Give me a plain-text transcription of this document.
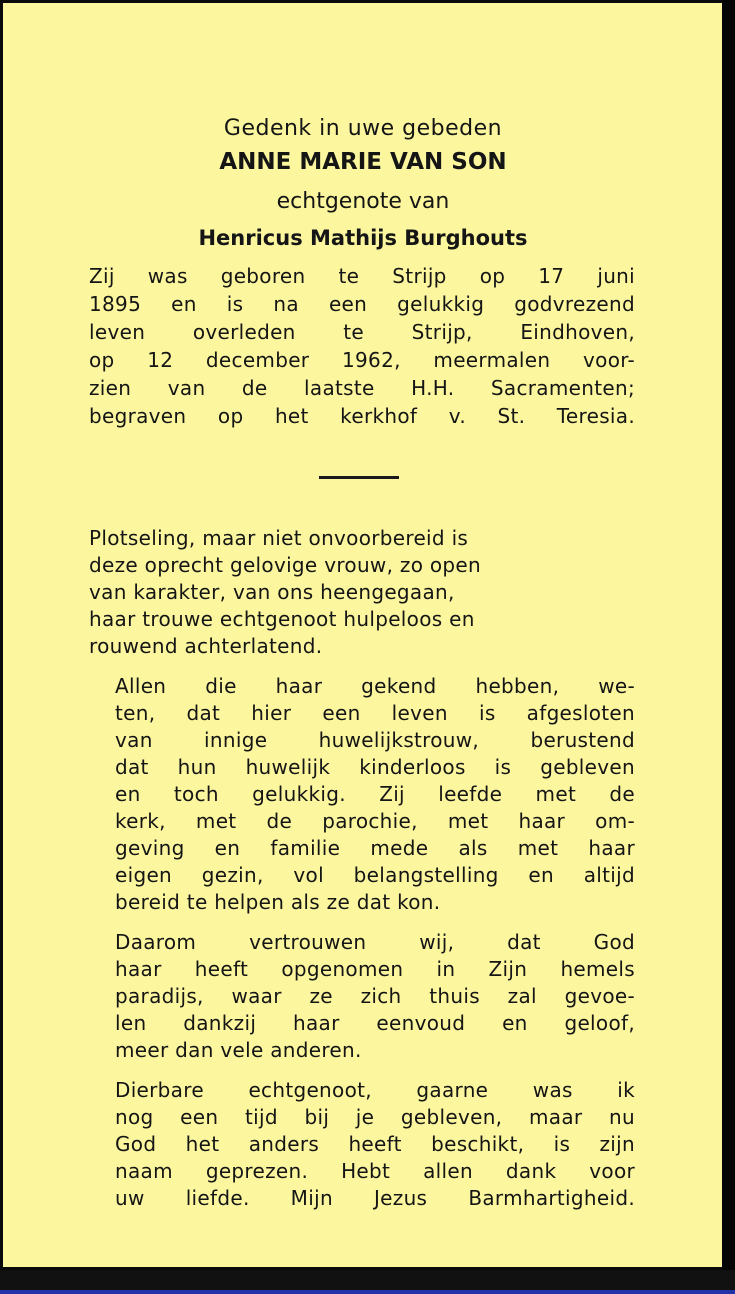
Gedenk in uwe gebeden
ANNE MARIE VAN SON
echtgenote van
Henricus Mathijs Burghouts
Zij was geboren te Strijp op 17 juni
1895 en is na een gelukkig godvrezend
leven overleden te Strijp, Eindhoven,
op 12 december 1962, meermalen voor-
zien van de laatste H.H. Sacramenten;
begraven op het kerkhof v. St. Teresia.
Plotseling, maar niet onvoorbereid is
deze oprecht gelovige vrouw, zo open
van karakter, van ons heengegaan,
haar trouwe echtgenoot hulpeloos en
rouwend achterlatend.
Allen die haar gekend hebben, we-
ten, dat hier een leven is afgesloten
van innige huwelijkstrouw, berustend
dat hun huwelijk kinderloos is gebleven
en toch gelukkig. Zij leefde met de
kerk, met de parochie, met haar om-
geving en familie mede als met haar
eigen gezin, vol belangstelling en altijd
bereid te helpen als ze dat kon.
Daarom vertrouwen wij, dat God
haar heeft opgenomen in Zijn hemels
paradijs, waar ze zich thuis zal gevoe-
len dankzij haar eenvoud en geloof,
meer dan vele anderen.
Dierbare echtgenoot, gaarne was ik
nog een tijd bij je gebleven, maar nu
God het anders heeft beschikt, is zijn
naam geprezen. Hebt allen dank voor
uw liefde. Mijn Jezus Barmhartigheid.
